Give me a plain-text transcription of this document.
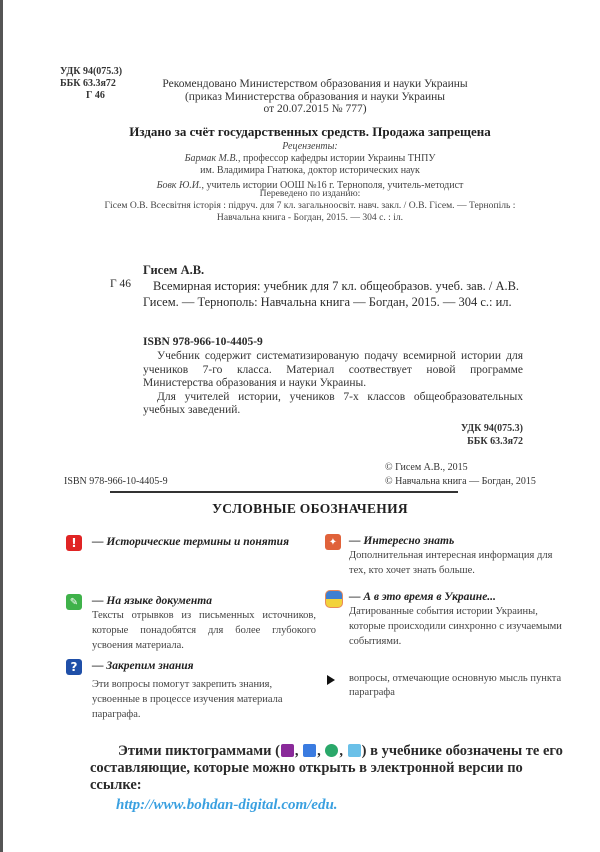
УДК 94(075.3)
ББК 63.3я72
Г 46
Рекомендовано Министерством образования и науки Украины
(приказ Министерства образования и науки Украины
от 20.07.2015 № 777)
Издано за счёт государственных средств. Продажа запрещена
Рецензенты:
Бармак М.В., профессор кафедры истории Украины ТНПУ
им. Владимира Гнатюка, доктор исторических наук
Бовк Ю.И., учитель истории ООШ №16 г. Тернополя, учитель-методист
Переведено по изданию:
Гісем О.В. Всесвітня історія : підруч. для 7 кл. загальноосвіт. навч. закл. / О.В. Гісем. — Тернопіль :
Навчальна книга - Богдан, 2015. — 304 с. : іл.
Гисем А.В.
Г 46	Всемирная история: учебник для 7 кл. общеобразов. учеб. зав. / А.В. Гисем. — Тернополь: Навчальна книга — Богдан, 2015. — 304 с.: ил.
ISBN 978-966-10-4405-9

Учебник содержит систематизированую подачу всемирной истории для учеников 7-го класса. Материал соотвествует новой программе Министерства образования и науки Украины.

Для учителей истории, учеников 7-х классов общеобразовательных учебных заведений.

УДК 94(075.3)
ББК 63.3я72
© Гисем А.В., 2015
© Навчальна книга — Богдан, 2015
ISBN 978-966-10-4405-9
УСЛОВНЫЕ ОБОЗНАЧЕНИЯ
!	— Исторические термины и понятия
✎	— На языке документа
Тексты отрывков из письменных источников, которые понадобятся для более глубокого усвоения материала.
?	— Закрепим знания
Эти вопросы помогут закрепить знания, усвоенные в процессе изучения материала параграфа.
✦	— Интересно знать
Дополнительная интересная информация для тех, кто хочет знать больше.
— А в это время в Украине...
Датированные события истории Украины, которые происходили синхронно с изучаемыми событиями.
вопросы, отмечающие основную мысль пункта параграфа
Этими пиктограммами ( , , , ) в учебнике обозначены те его составляющие, которые можно открыть в электронной версии по ссылке:
http://www.bohdan-digital.com/edu.
